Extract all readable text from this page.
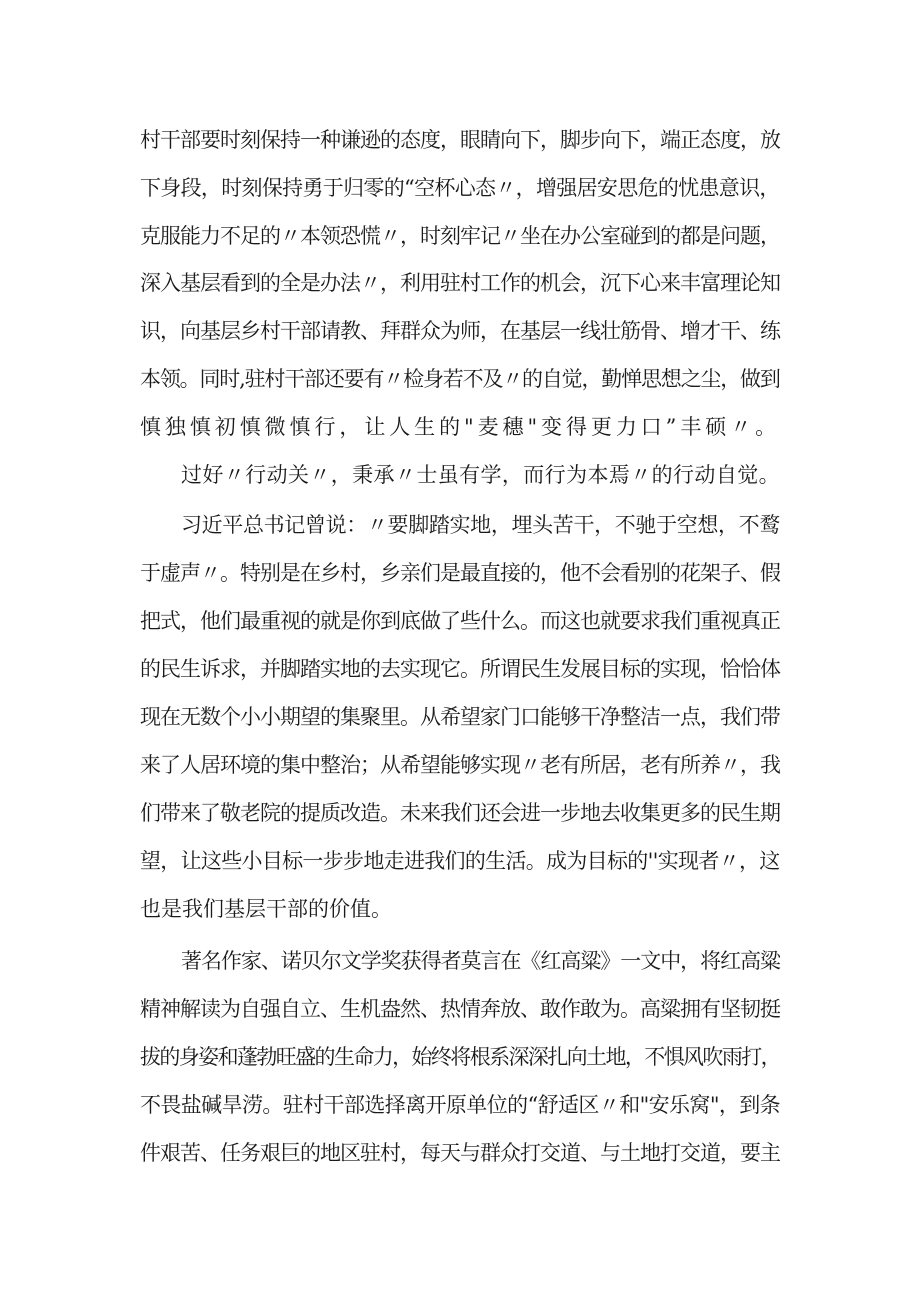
村干部要时刻保持一种谦逊的态度，眼睛向下，脚步向下，端正态度，放

下身段，时刻保持勇于归零的“空杯心态〃，增强居安思危的忧患意识，

克服能力不足的〃本领恐慌〃，时刻牢记〃坐在办公室碰到的都是问题，

深入基层看到的全是办法〃，利用驻村工作的机会，沉下心来丰富理论知

识，向基层乡村干部请教、拜群众为师，在基层一线壮筋骨、增才干、练

本领。同时,驻村干部还要有〃检身若不及〃的自觉，勤惮思想之尘，做到

慎独慎初慎微慎行，让人生的"麦穗"变得更力口”丰硕〃。

过好〃行动关〃，秉承〃士虽有学，而行为本焉〃的行动自觉。

习近平总书记曾说：〃要脚踏实地，埋头苦干，不驰于空想，不鹜

于虚声〃。特别是在乡村，乡亲们是最直接的，他不会看别的花架子、假

把式，他们最重视的就是你到底做了些什么。而这也就要求我们重视真正

的民生诉求，并脚踏实地的去实现它。所谓民生发展目标的实现，恰恰体

现在无数个小小期望的集聚里。从希望家门口能够干净整洁一点，我们带

来了人居环境的集中整治；从希望能够实现〃老有所居，老有所养〃，我

们带来了敬老院的提质改造。未来我们还会进一步地去收集更多的民生期

望，让这些小目标一步步地走进我们的生活。成为目标的''实现者〃，这

也是我们基层干部的价值。

著名作家、诺贝尔文学奖获得者莫言在《红高粱》一文中，将红高粱

精神解读为自强自立、生机盎然、热情奔放、敢作敢为。高粱拥有坚韧挺

拔的身姿和蓬勃旺盛的生命力，始终将根系深深扎向土地，不惧风吹雨打，

不畏盐碱旱涝。驻村干部选择离开原单位的“舒适区〃和"安乐窝"，到条

件艰苦、任务艰巨的地区驻村，每天与群众打交道、与土地打交道，要主
